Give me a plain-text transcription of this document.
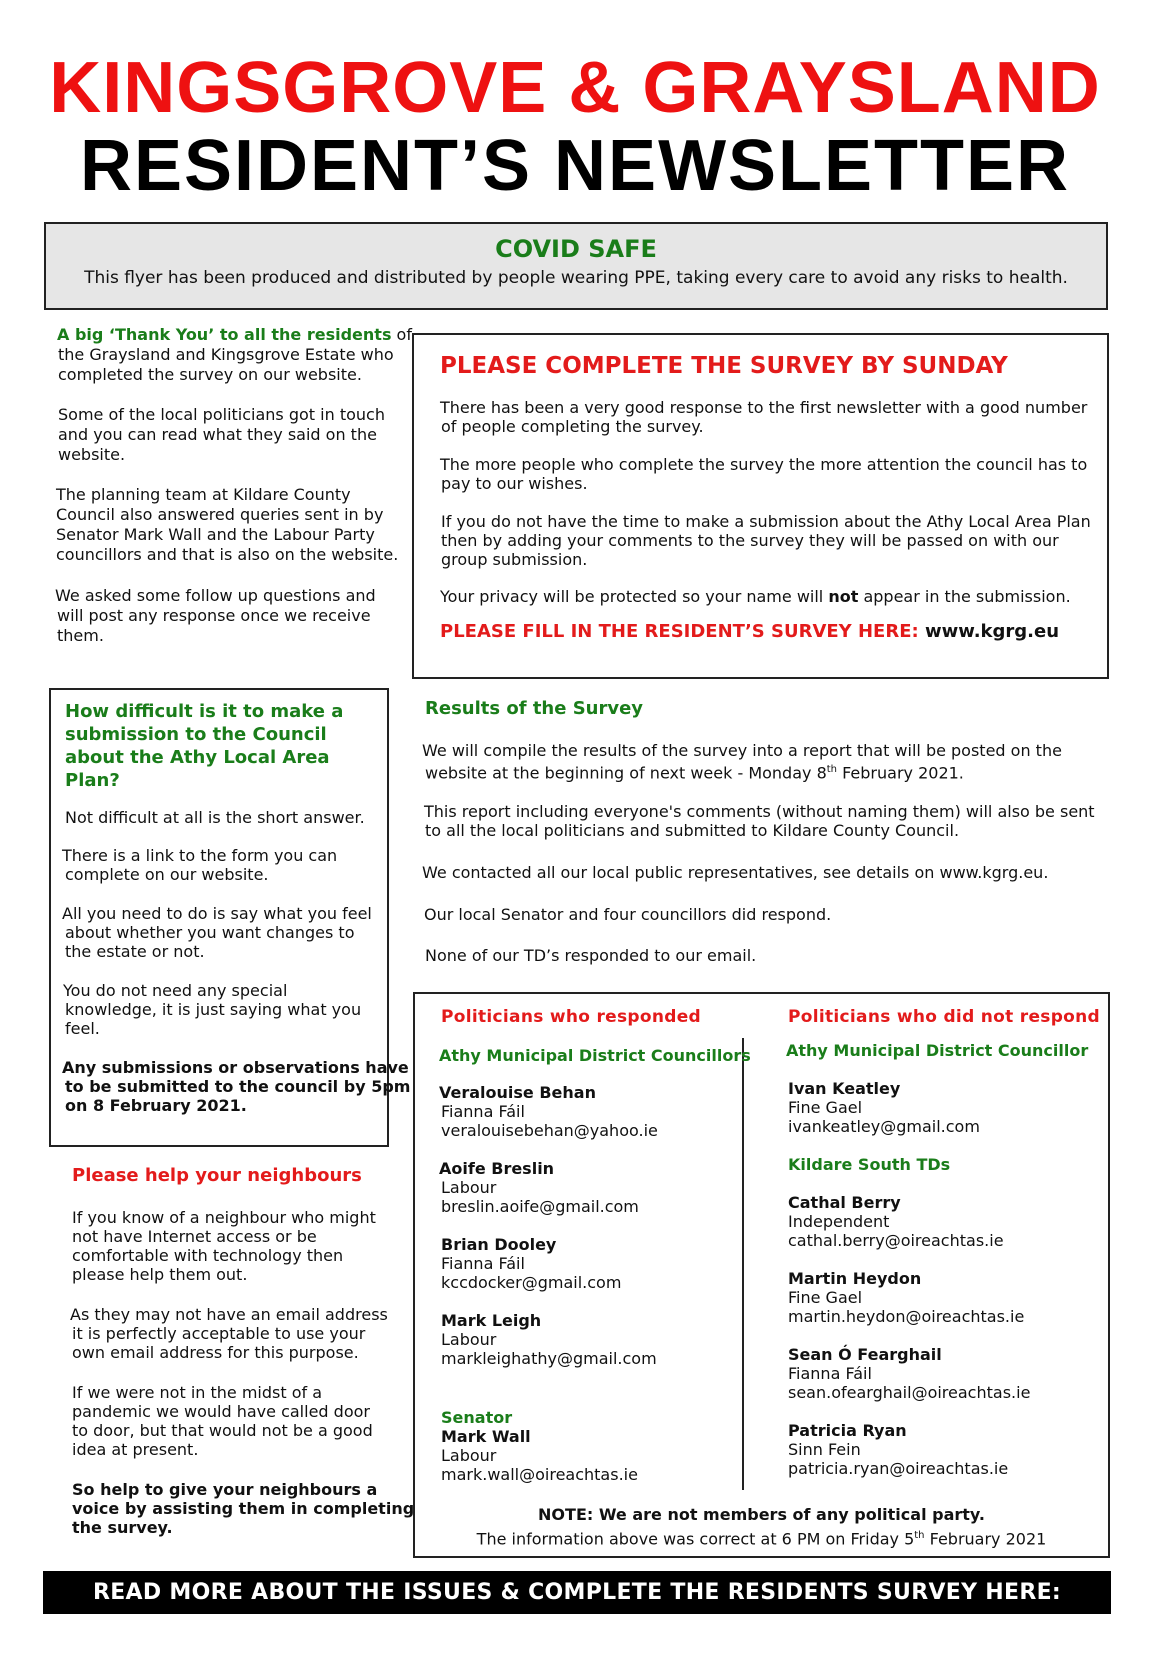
KINGSGROVE & GRAYSLAND
RESIDENT’S NEWSLETTER
COVID SAFE
This flyer has been produced and distributed by people wearing PPE, taking every care to avoid any risks to health.
A big ‘Thank You’ to all the residents of
the Graysland and Kingsgrove Estate who
completed the survey on our website.
Some of the local politicians got in touch
and you can read what they said on the
website.
The planning team at Kildare County
Council also answered queries sent in by
Senator Mark Wall and the Labour Party
councillors and that is also on the website.
We asked some follow up questions and
will post any response once we receive
them.
PLEASE COMPLETE THE SURVEY BY SUNDAY
There has been a very good response to the first newsletter with a good number
of people completing the survey.
The more people who complete the survey the more attention the council has to
pay to our wishes.
If you do not have the time to make a submission about the Athy Local Area Plan
then by adding your comments to the survey they will be passed on with our
group submission.
Your privacy will be protected so your name will not appear in the submission.
PLEASE FILL IN THE RESIDENT’S SURVEY HERE: www.kgrg.eu
How difficult is it to make a
submission to the Council
about the Athy Local Area
Plan?
Not difficult at all is the short answer.
There is a link to the form you can
complete on our website.
All you need to do is say what you feel
about whether you want changes to
the estate or not.
You do not need any special
knowledge, it is just saying what you
feel.
Any submissions or observations have
to be submitted to the council by 5pm
on 8 February 2021.
Results of the Survey
We will compile the results of the survey into a report that will be posted on the
website at the beginning of next week - Monday 8th February 2021.
This report including everyone's comments (without naming them) will also be sent
to all the local politicians and submitted to Kildare County Council.
We contacted all our local public representatives, see details on www.kgrg.eu.
Our local Senator and four councillors did respond.
None of our TD’s responded to our email.
Please help your neighbours
If you know of a neighbour who might
not have Internet access or be
comfortable with technology then
please help them out.
As they may not have an email address
it is perfectly acceptable to use your
own email address for this purpose.
If we were not in the midst of a
pandemic we would have called door
to door, but that would not be a good
idea at present.
So help to give your neighbours a
voice by assisting them in completing
the survey.
Politicians who responded
Athy Municipal District Councillors
Veralouise Behan
Fianna Fáil
veralouisebehan@yahoo.ie
Aoife Breslin
Labour
breslin.aoife@gmail.com
Brian Dooley
Fianna Fáil
kccdocker@gmail.com
Mark Leigh
Labour
markleighathy@gmail.com
Senator
Mark Wall
Labour
mark.wall@oireachtas.ie
Politicians who did not respond
Athy Municipal District Councillor
Ivan Keatley
Fine Gael
ivankeatley@gmail.com
Kildare South TDs
Cathal Berry
Independent
cathal.berry@oireachtas.ie
Martin Heydon
Fine Gael
martin.heydon@oireachtas.ie
Sean Ó Fearghail
Fianna Fáil
sean.ofearghail@oireachtas.ie
Patricia Ryan
Sinn Fein
patricia.ryan@oireachtas.ie
NOTE: We are not members of any political party.
The information above was correct at 6 PM on Friday 5th February 2021
READ MORE ABOUT THE ISSUES & COMPLETE THE RESIDENTS SURVEY HERE: WWW.KGRG.EU
